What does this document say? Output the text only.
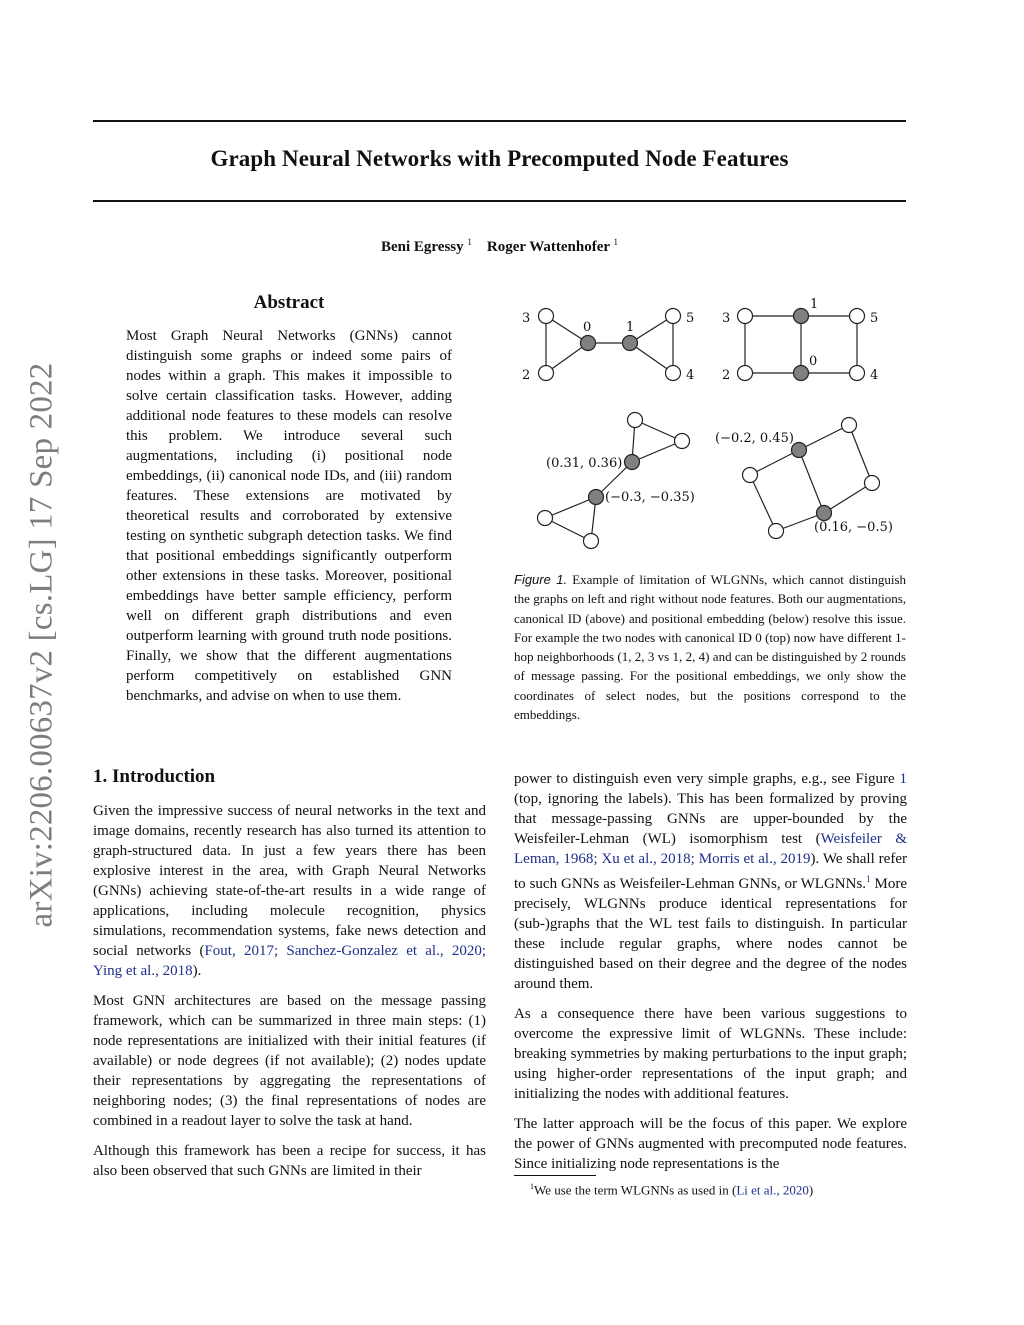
Graph Neural Networks with Precomputed Node Features
Beni Egressy $^1$ Roger Wattenhofer $^1$
arXiv:2206.00637v2 [cs.LG] 17 Sep 2022
Abstract
Most Graph Neural Networks (GNNs) cannot distinguish some graphs or indeed some pairs of nodes within a graph. This makes it impossible to solve certain classification tasks. However, adding additional node features to these models can resolve this problem. We introduce several such augmentations, including (i) positional node embeddings, (ii) canonical node IDs, and (iii) random features. These extensions are motivated by theoretical results and corroborated by extensive testing on synthetic subgraph detection tasks. We find that positional embeddings significantly outperform other extensions in these tasks. Moreover, positional embeddings have better sample efficiency, perform well on different graph distributions and even outperform learning with ground truth node positions. Finally, we show that the different augmentations perform competitively on established GNN benchmarks, and advise on when to use them.
3
0	1
5
2	4
3
1
5
0
2	4
(0.31, 0.36)
(−0.3, −0.35)
(−0.2, 0.45)
(0.16, −0.5)
Figure 1. Example of limitation of WLGNNs, which cannot distinguish the graphs on left and right without node features. Both our augmentations, canonical ID (above) and positional embedding (below) resolve this issue. For example the two nodes with canonical ID 0 (top) now have different 1-hop neighborhoods (1, 2, 3 vs 1, 2, 4) and can be distinguished by 2 rounds of message passing. For the positional embeddings, we only show the coordinates of select nodes, but the positions correspond to the embeddings.
1. Introduction

Given the impressive success of neural networks in the text and image domains, recently research has also turned its attention to graph-structured data. In just a few years there has been explosive interest in the area, with Graph Neural Networks (GNNs) achieving state-of-the-art results in a wide range of applications, including molecule recognition, physics simulations, recommendation systems, fake news detection and social networks (Fout, 2017; Sanchez-Gonzalez et al., 2020; Ying et al., 2018).

Most GNN architectures are based on the message passing framework, which can be summarized in three main steps: (1) node representations are initialized with their initial features (if available) or node degrees (if not available); (2) nodes update their representations by aggregating the representations of neighboring nodes; (3) the final representations of nodes are combined in a readout layer to solve the task at hand.

Although this framework has been a recipe for success, it has also been observed that such GNNs are limited in their

power to distinguish even very simple graphs, e.g., see Figure 1 (top, ignoring the labels). This has been formalized by proving that message-passing GNNs are upper-bounded by the Weisfeiler-Lehman (WL) isomorphism test (Weisfeiler & Leman, 1968; Xu et al., 2018; Morris et al., 2019). We shall refer to such GNNs as Weisfeiler-Lehman GNNs, or WLGNNs.$^1$ More precisely, WLGNNs produce identical representations for (sub-)graphs that the WL test fails to distinguish. In particular these include regular graphs, where nodes cannot be distinguished based on their degree and the degree of the nodes around them.

As a consequence there have been various suggestions to overcome the expressive limit of WLGNNs. These include: breaking symmetries by making perturbations to the input graph; using higher-order representations of the input graph; and initializing the nodes with additional features.

The latter approach will be the focus of this paper. We explore the power of GNNs augmented with precomputed node features. Since initializing node representations is the

$^1$We use the term WLGNNs as used in (Li et al., 2020)
